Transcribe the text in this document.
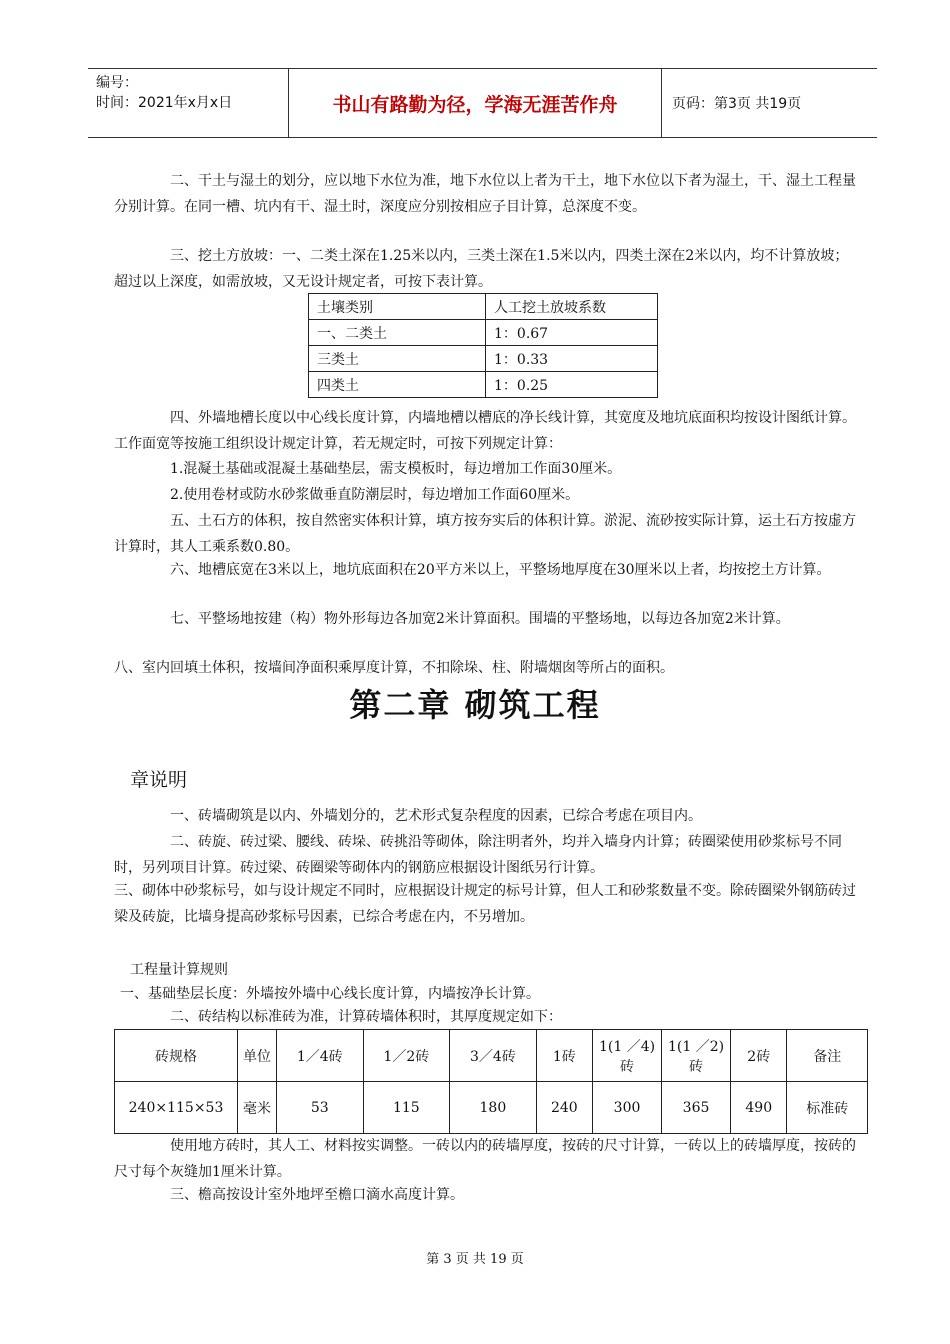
编号：
时间：2021年x月x日	书山有路勤为径，学海无涯苦作舟	页码：第3页 共19页
二、干土与湿土的划分，应以地下水位为准，地下水位以上者为干土，地下水位以下者为湿土，干、湿土工程量分别计算。在同一槽、坑内有干、湿土时，深度应分别按相应子目计算，总深度不变。
三、挖土方放坡：一、二类土深在1.25米以内，三类土深在1.5米以内，四类土深在2米以内，均不计算放坡；超过以上深度，如需放坡，又无设计规定者，可按下表计算。
土壤类别	人工挖土放坡系数
一、二类土	1：0.67
三类土	1：0.33
四类土	1：0.25
四、外墙地槽长度以中心线长度计算，内墙地槽以槽底的净长线计算，其宽度及地坑底面积均按设计图纸计算。工作面宽等按施工组织设计规定计算，若无规定时，可按下列规定计算：
1.混凝土基础或混凝土基础垫层，需支模板时，每边增加工作面30厘米。
2.使用卷材或防水砂浆做垂直防潮层时，每边增加工作面60厘米。
五、土石方的体积，按自然密实体积计算，填方按夯实后的体积计算。淤泥、流砂按实际计算，运土石方按虚方计算时，其人工乘系数0.80。
六、地槽底宽在3米以上，地坑底面积在20平方米以上，平整场地厚度在30厘米以上者，均按挖土方计算。
七、平整场地按建（构）物外形每边各加宽2米计算面积。围墙的平整场地，以每边各加宽2米计算。
八、室内回填土体积，按墙间净面积乘厚度计算，不扣除垛、柱、附墙烟囱等所占的面积。
第二章 砌筑工程
章说明
一、砖墙砌筑是以内、外墙划分的，艺术形式复杂程度的因素，已综合考虑在项目内。
二、砖旋、砖过梁、腰线、砖垛、砖挑沿等砌体，除注明者外，均并入墙身内计算；砖圈梁使用砂浆标号不同时，另列项目计算。砖过梁、砖圈梁等砌体内的钢筋应根据设计图纸另行计算。
三、砌体中砂浆标号，如与设计规定不同时，应根据设计规定的标号计算，但人工和砂浆数量不变。除砖圈梁外钢筋砖过梁及砖旋，比墙身提高砂浆标号因素，已综合考虑在内，不另增加。
工程量计算规则
一、基础垫层长度：外墙按外墙中心线长度计算，内墙按净长计算。
二、砖结构以标准砖为准，计算砖墙体积时，其厚度规定如下：
砖规格	单位	1／4砖	1／2砖	3／4砖	1砖	1(1 ／4) 砖	1(1 ／2) 砖	2砖	备注
240×115×53	毫米	53	115	180	240	300	365	490	标准砖
使用地方砖时，其人工、材料按实调整。一砖以内的砖墙厚度，按砖的尺寸计算，一砖以上的砖墙厚度，按砖的尺寸每个灰缝加1厘米计算。
三、檐高按设计室外地坪至檐口滴水高度计算。
第 3 页 共 19 页
